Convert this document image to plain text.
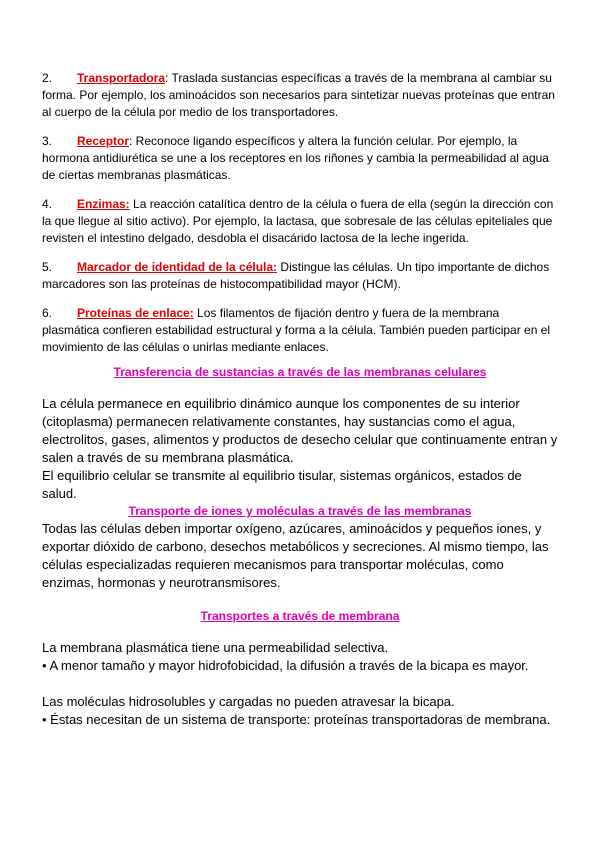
2. Transportadora: Traslada sustancias específicas a través de la membrana al cambiar su forma. Por ejemplo, los aminoácidos son necesarios para sintetizar nuevas proteínas que entran al cuerpo de la célula por medio de los transportadores.
3. Receptor: Reconoce ligando específicos y altera la función celular. Por ejemplo, la hormona antidiurética se une a los receptores en los riñones y cambia la permeabilidad al agua de ciertas membranas plasmáticas.
4. Enzimas: La reacción catalítica dentro de la célula o fuera de ella (según la dirección con la que llegue al sitio activo). Por ejemplo, la lactasa, que sobresale de las células epiteliales que revisten el intestino delgado, desdobla el disacárido lactosa de la leche ingerida.
5. Marcador de identidad de la célula: Distingue las células. Un tipo importante de dichos marcadores son las proteínas de histocompatibilidad mayor (HCM).
6. Proteínas de enlace: Los filamentos de fijación dentro y fuera de la membrana plasmática confieren estabilidad estructural y forma a la célula. También pueden participar en el movimiento de las células o unirlas mediante enlaces.
Transferencia de sustancias a través de las membranas celulares

La célula permanece en equilibrio dinámico aunque los componentes de su interior (citoplasma) permanecen relativamente constantes, hay sustancias como el agua, electrolitos, gases, alimentos y productos de desecho celular que continuamente entran y salen a través de su membrana plasmática.

El equilibrio celular se transmite al equilibrio tisular, sistemas orgánicos, estados de salud.

Transporte de iones y moléculas a través de las membranas

Todas las células deben importar oxígeno, azúcares, aminoácidos y pequeños iones, y exportar dióxido de carbono, desechos metabólicos y secreciones. Al mismo tiempo, las células especializadas requieren mecanismos para transportar moléculas, como enzimas, hormonas y neurotransmisores.

Transportes a través de membrana

La membrana plasmática tiene una permeabilidad selectiva.

• A menor tamaño y mayor hidrofobicidad, la difusión a través de la bicapa es mayor.

Las moléculas hidrosolubles y cargadas no pueden atravesar la bicapa.

• Éstas necesitan de un sistema de transporte: proteínas transportadoras de membrana.
